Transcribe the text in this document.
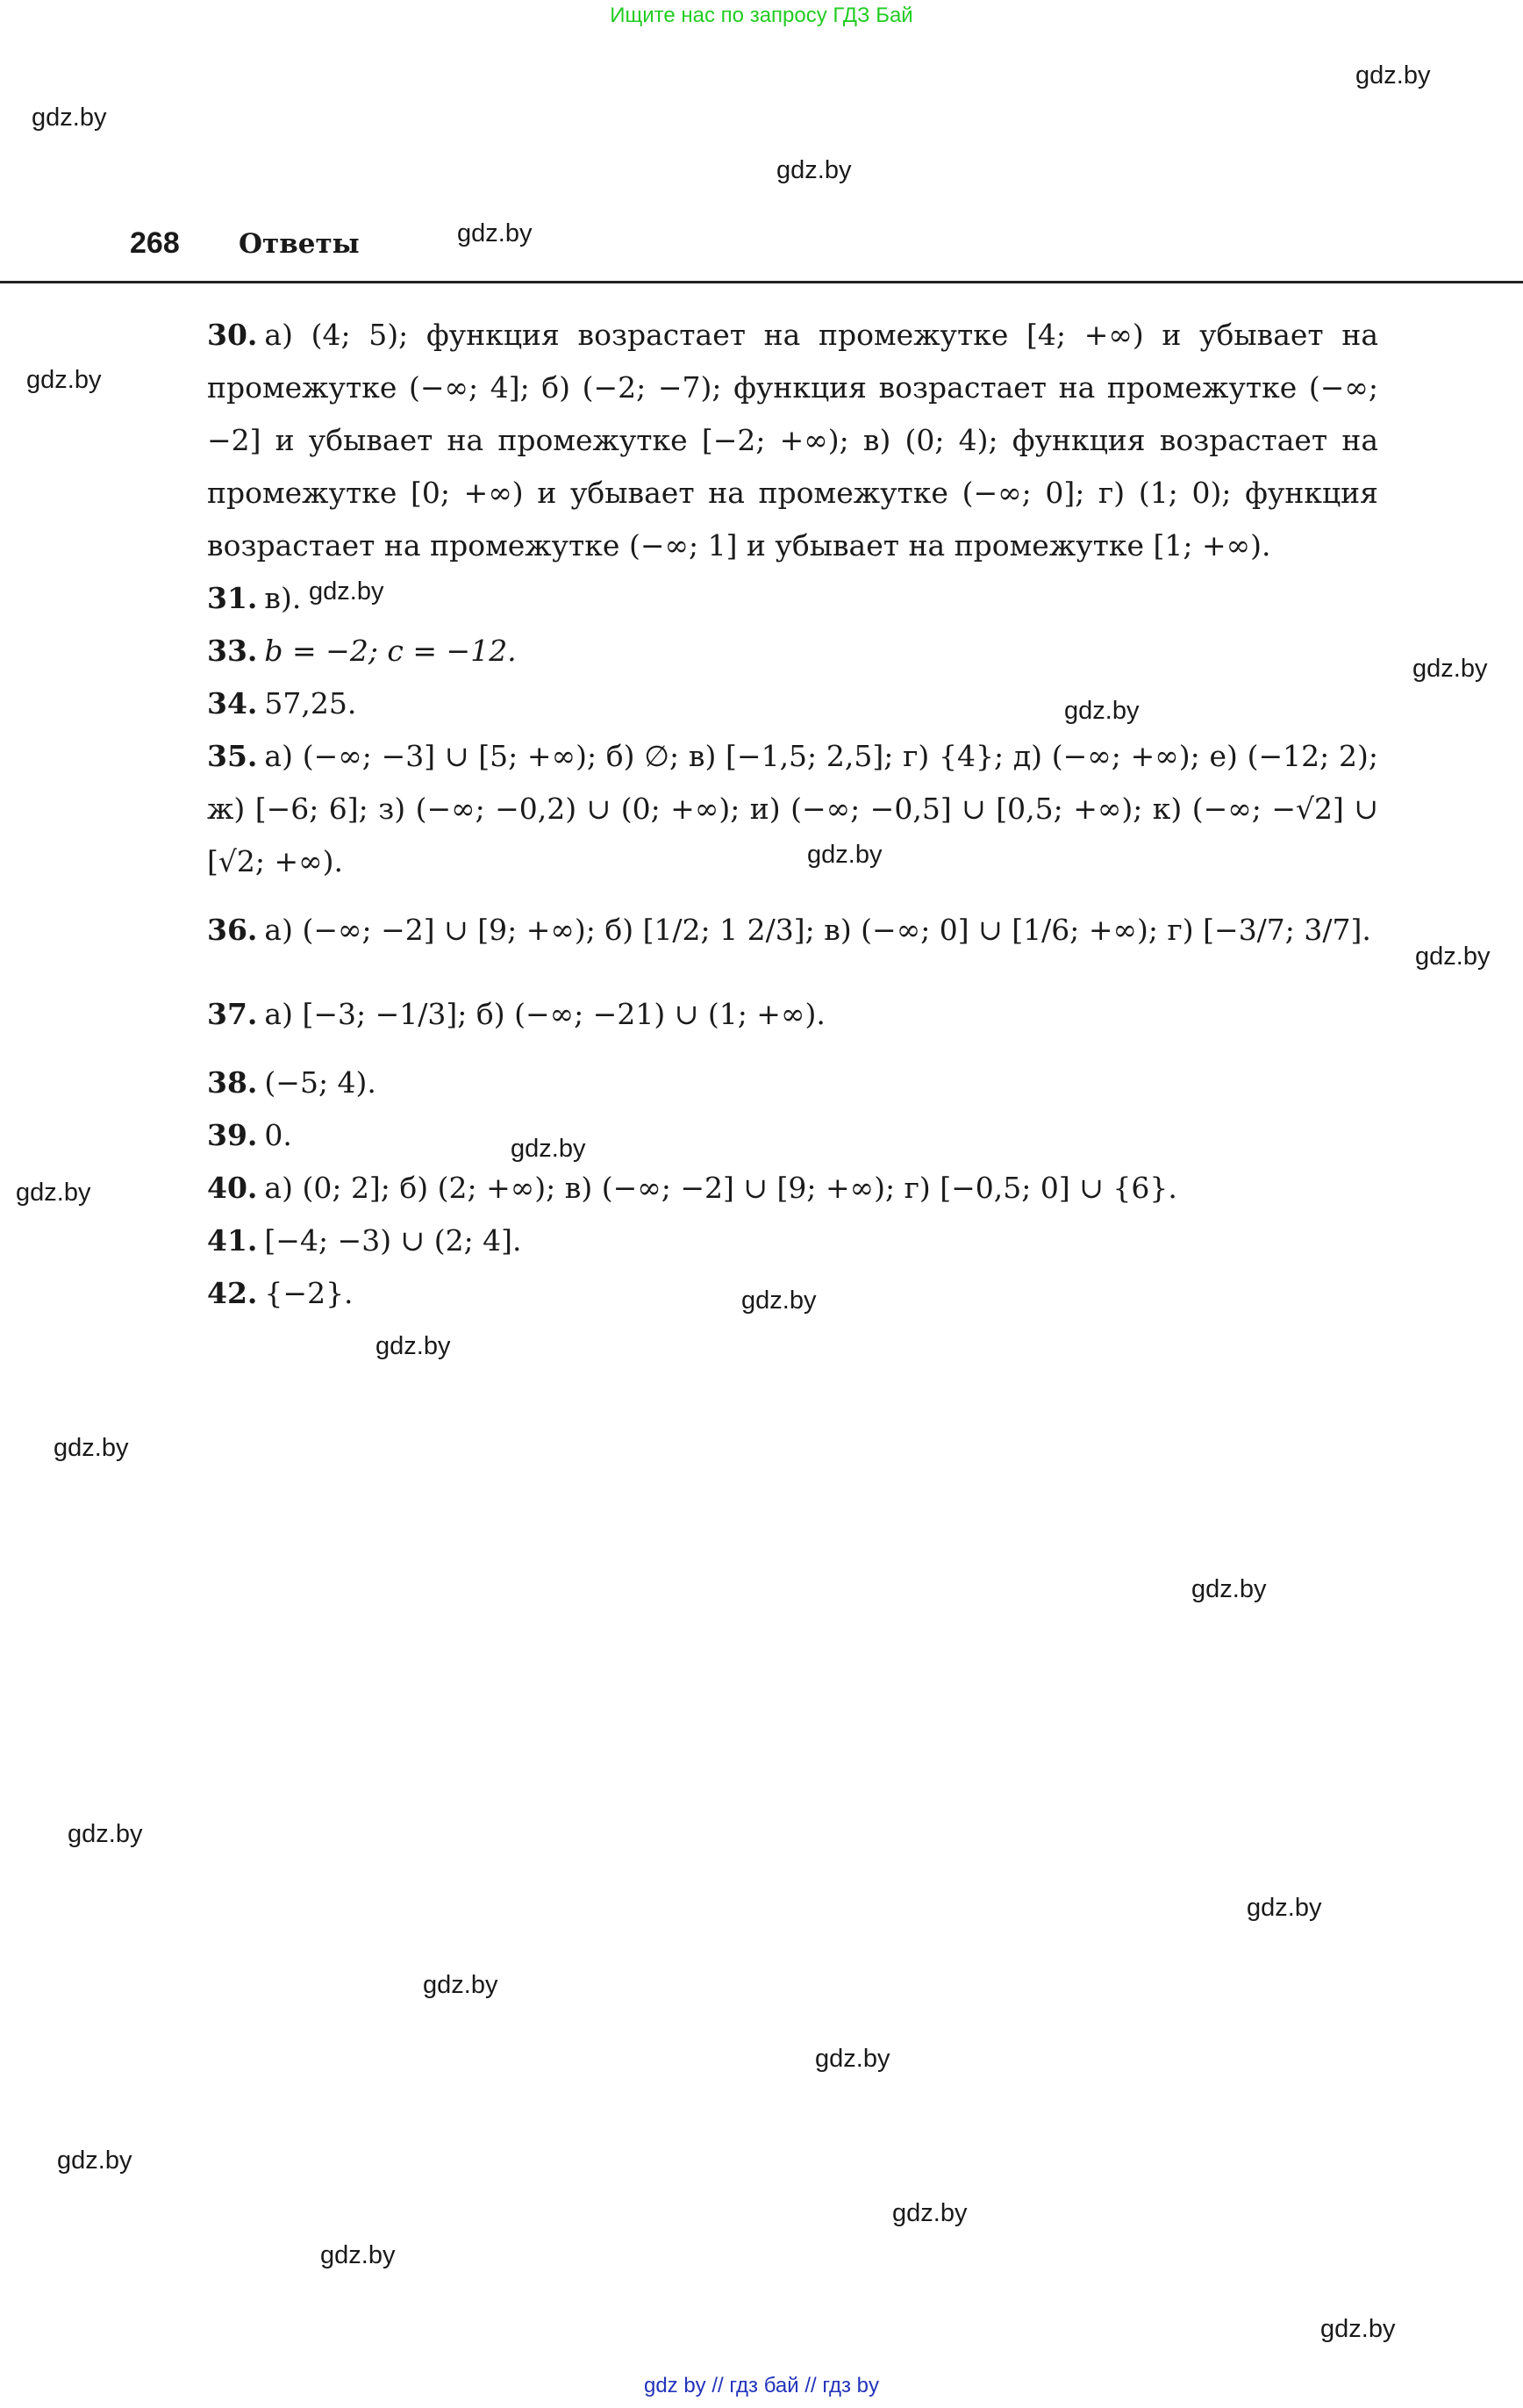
Ищите нас по запросу ГДЗ Бай
gdz.by
gdz.by
gdz.by
gdz.by
gdz.by
gdz.by
gdz.by
gdz.by
gdz.by
gdz.by
gdz.by
gdz.by
gdz.by
gdz.by
gdz.by
gdz.by
gdz.by
gdz.by
gdz.by
gdz.by
gdz.by
gdz.by
gdz.by
gdz.by
268 Ответы

30. а) (4; 5); функция возрастает на промежутке [4; +∞) и убывает на промежутке (−∞; 4]; б) (−2; −7); функция возрастает на промежутке (−∞; −2] и убывает на промежутке [−2; +∞); в) (0; 4); функция возрастает на промежутке [0; +∞) и убывает на промежутке (−∞; 0]; г) (1; 0); функция возрастает на промежутке (−∞; 1] и убывает на промежутке [1; +∞).

31. в).

33. b = −2; c = −12.

34. 57,25.

35. а) (−∞; −3] ∪ [5; +∞); б) ∅; в) [−1,5; 2,5]; г) {4}; д) (−∞; +∞); е) (−12; 2); ж) [−6; 6]; з) (−∞; −0,2) ∪ (0; +∞); и) (−∞; −0,5] ∪ [0,5; +∞); к) (−∞; −√2] ∪ [√2; +∞).

36. а) (−∞; −2] ∪ [9; +∞); б) [1/2; 1 2/3]; в) (−∞; 0] ∪ [1/6; +∞); г) [−3/7; 3/7].

37. а) [−3; −1/3]; б) (−∞; −21) ∪ (1; +∞).

38. (−5; 4).

39. 0.

40. а) (0; 2]; б) (2; +∞); в) (−∞; −2] ∪ [9; +∞); г) [−0,5; 0] ∪ {6}.

41. [−4; −3) ∪ (2; 4].

42. {−2}.

gdz by // гдз бай // гдз by
